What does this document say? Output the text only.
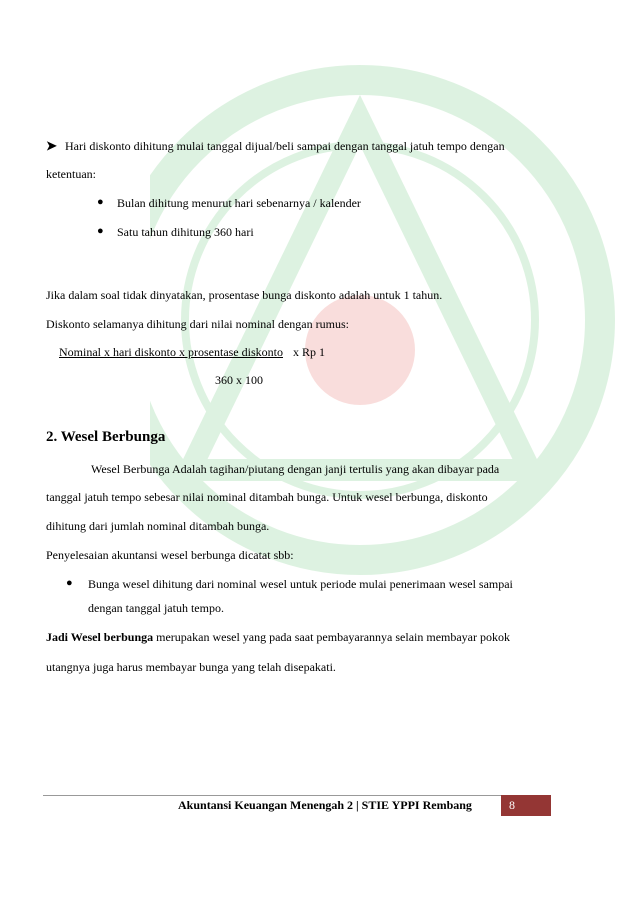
➤ Hari diskonto dihitung mulai tanggal dijual/beli sampai dengan tanggal jatuh tempo dengan
ketentuan:
● Bulan dihitung menurut hari sebenarnya / kalender
● Satu tahun dihitung 360 hari
Jika dalam soal tidak dinyatakan, prosentase bunga diskonto adalah untuk 1 tahun.
Diskonto selamanya dihitung dari nilai nominal dengan rumus:
Nominal x hari diskonto x prosentase diskonto x Rp 1
360 x 100
2. Wesel Berbunga
Wesel Berbunga Adalah tagihan/piutang dengan janji tertulis yang akan dibayar pada
tanggal jatuh tempo sebesar nilai nominal ditambah bunga. Untuk wesel berbunga, diskonto
dihitung dari jumlah nominal ditambah bunga.
Penyelesaian akuntansi wesel berbunga dicatat sbb:
● Bunga wesel dihitung dari nominal wesel untuk periode mulai penerimaan wesel sampai
dengan tanggal jatuh tempo.
Jadi Wesel berbunga merupakan wesel yang pada saat pembayarannya selain membayar pokok
utangnya juga harus membayar bunga yang telah disepakati.
Akuntansi Keuangan Menengah 2 | STIE YPPI Rembang	8
